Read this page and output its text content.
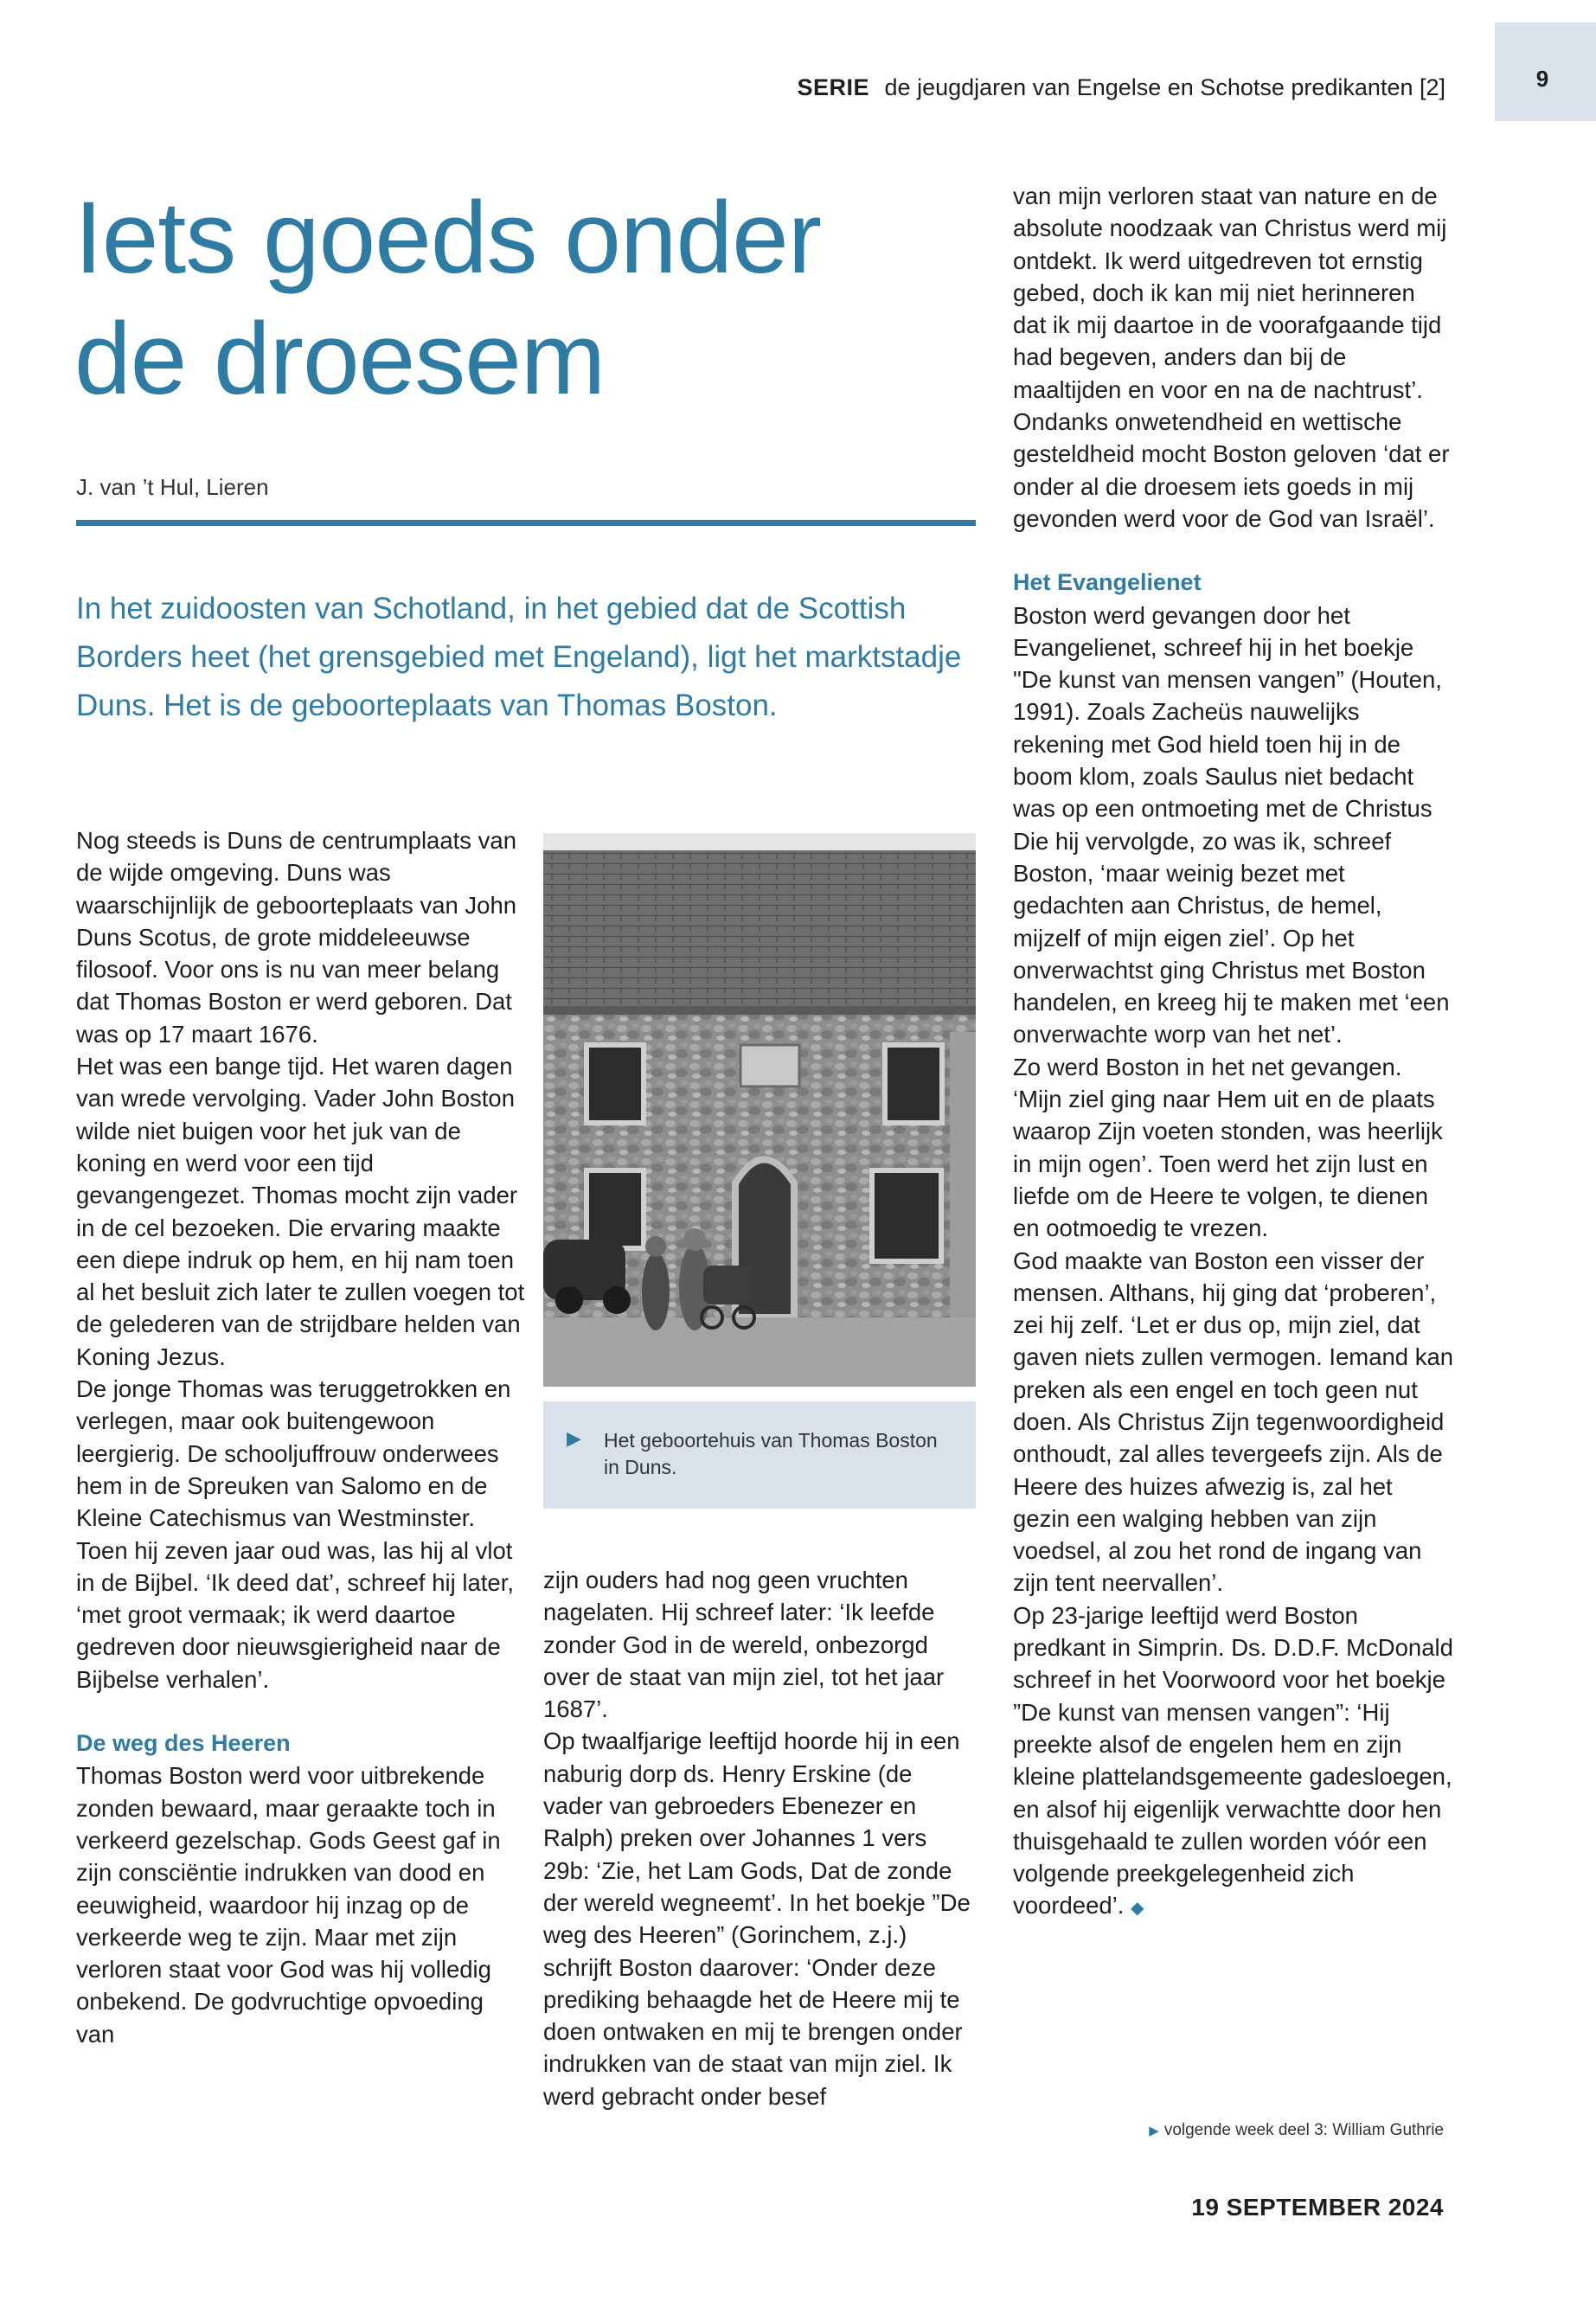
SERIE de jeugdjaren van Engelse en Schotse predikanten [2]	9
Iets goeds onder
de droesem
J. van ’t Hul, Lieren

In het zuidoosten van Schotland, in het gebied dat de Scottish Borders heet (het grensgebied met Engeland), ligt het marktstadje Duns. Het is de geboorteplaats van Thomas Boston.

Nog steeds is Duns de centrumplaats van de wijde omgeving. Duns was waarschijnlijk de geboorteplaats van John Duns Scotus, de grote middeleeuwse filosoof. Voor ons is nu van meer belang dat Thomas Boston er werd geboren. Dat was op 17 maart 1676.

Het was een bange tijd. Het waren dagen van wrede vervolging. Vader John Boston wilde niet buigen voor het juk van de koning en werd voor een tijd gevangengezet. Thomas mocht zijn vader in de cel bezoeken. Die ervaring maakte een diepe indruk op hem, en hij nam toen al het besluit zich later te zullen voegen tot de gelederen van de strijdbare helden van Koning Jezus.

De jonge Thomas was teruggetrokken en verlegen, maar ook buitengewoon leergierig. De schooljuffrouw onderwees hem in de Spreuken van Salomo en de Kleine Catechismus van Westminster. Toen hij zeven jaar oud was, las hij al vlot in de Bijbel. ‘Ik deed dat’, schreef hij later, ‘met groot vermaak; ik werd daartoe gedreven door nieuwsgierigheid naar de Bijbelse verhalen’.

De weg des Heeren

Thomas Boston werd voor uitbrekende zonden bewaard, maar geraakte toch in verkeerd gezelschap. Gods Geest gaf in zijn consciëntie indrukken van dood en eeuwigheid, waardoor hij inzag op de verkeerde weg te zijn. Maar met zijn verloren staat voor God was hij volledig onbekend. De godvruchtige opvoeding van

▶ Het geboortehuis van Thomas Boston in Duns.

zijn ouders had nog geen vruchten nagelaten. Hij schreef later: ‘Ik leefde zonder God in de wereld, onbezorgd over de staat van mijn ziel, tot het jaar 1687’.

Op twaalfjarige leeftijd hoorde hij in een naburig dorp ds. Henry Erskine (de vader van gebroeders Ebenezer en Ralph) preken over Johannes 1 vers 29b: ‘Zie, het Lam Gods, Dat de zonde der wereld wegneemt’. In het boekje ”De weg des Heeren” (Gorinchem, z.j.) schrijft Boston daarover: ‘Onder deze prediking behaagde het de Heere mij te doen ontwaken en mij te brengen onder indrukken van de staat van mijn ziel. Ik werd gebracht onder besef

van mijn verloren staat van nature en de absolute noodzaak van Christus werd mij ontdekt. Ik werd uitgedreven tot ernstig gebed, doch ik kan mij niet herinneren dat ik mij daartoe in de voorafgaande tijd had begeven, anders dan bij de maaltijden en voor en na de nachtrust’.

Ondanks onwetendheid en wettische gesteldheid mocht Boston geloven ‘dat er onder al die droesem iets goeds in mij gevonden werd voor de God van Israël’.

Het Evangelienet

Boston werd gevangen door het Evangelienet, schreef hij in het boekje "De kunst van mensen vangen” (Houten, 1991). Zoals Zacheüs nauwelijks rekening met God hield toen hij in de boom klom, zoals Saulus niet bedacht was op een ontmoeting met de Christus Die hij vervolgde, zo was ik, schreef Boston, ‘maar weinig bezet met gedachten aan Christus, de hemel, mijzelf of mijn eigen ziel’. Op het onverwachtst ging Christus met Boston handelen, en kreeg hij te maken met ‘een onverwachte worp van het net’.

Zo werd Boston in het net gevangen. ‘Mijn ziel ging naar Hem uit en de plaats waarop Zijn voeten stonden, was heerlijk in mijn ogen’. Toen werd het zijn lust en liefde om de Heere te volgen, te dienen en ootmoedig te vrezen.

God maakte van Boston een visser der mensen. Althans, hij ging dat ‘proberen’, zei hij zelf. ‘Let er dus op, mijn ziel, dat gaven niets zullen vermogen. Iemand kan preken als een engel en toch geen nut doen. Als Christus Zijn tegenwoordigheid onthoudt, zal alles tevergeefs zijn. Als de Heere des huizes afwezig is, zal het gezin een walging hebben van zijn voedsel, al zou het rond de ingang van zijn tent neervallen’.

Op 23-jarige leeftijd werd Boston predkant in Simprin. Ds. D.D.F. McDonald schreef in het Voorwoord voor het boekje ”De kunst van mensen vangen”: ‘Hij preekte alsof de engelen hem en zijn kleine plattelandsgemeente gadesloegen, en alsof hij eigenlijk verwachtte door hen thuisgehaald te zullen worden vóór een volgende preekgelegenheid zich voordeed’. ◆

▶ volgende week deel 3: William Guthrie
19 SEPTEMBER 2024
